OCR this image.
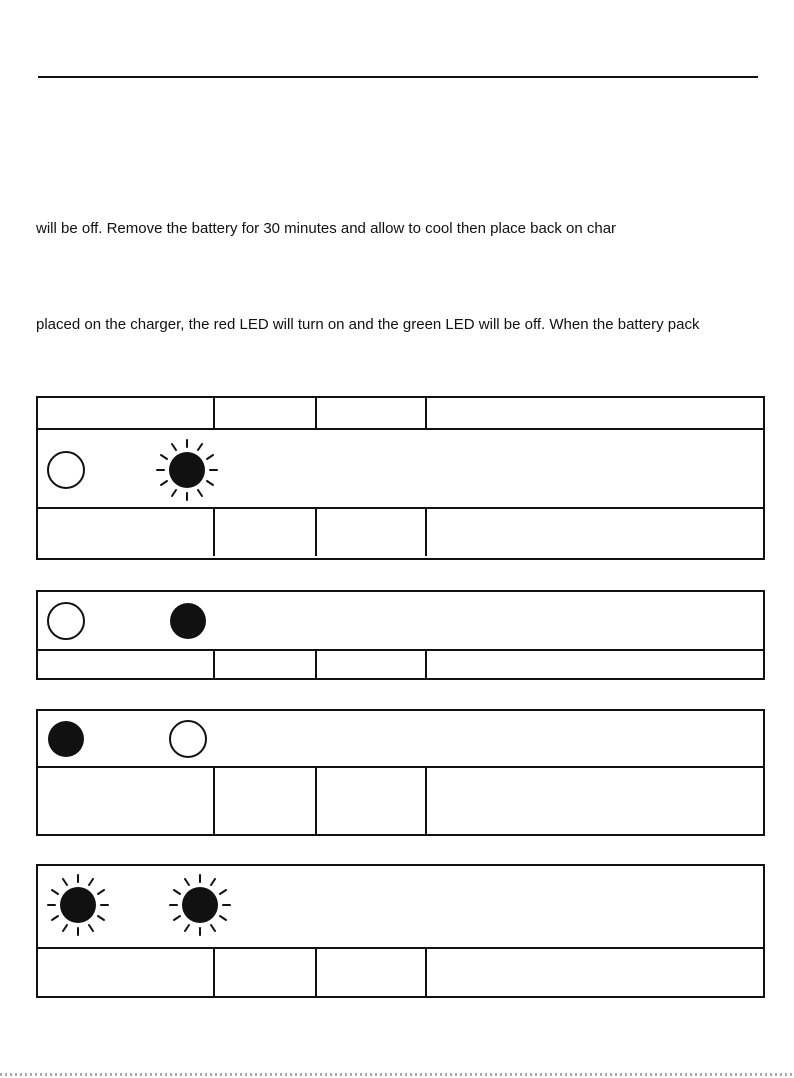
will be off. Remove the battery for 30 minutes and allow to cool then place back on char

placed on the charger, the red LED will turn on and the green LED will be off. When the battery pack
